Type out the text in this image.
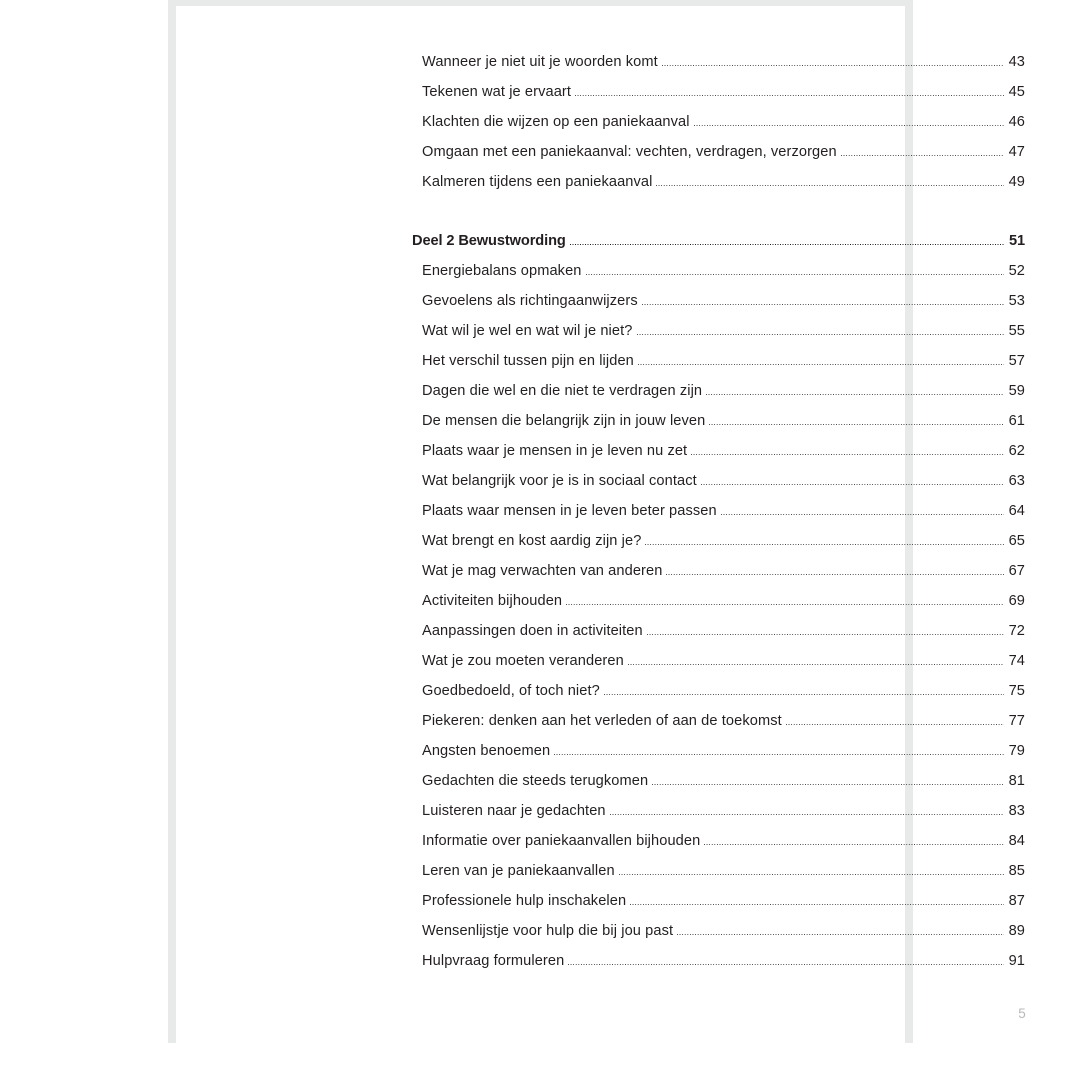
Wanneer je niet uit je woorden komt	43
Tekenen wat je ervaart	45
Klachten die wijzen op een paniekaanval	46
Omgaan met een paniekaanval: vechten, verdragen, verzorgen	47
Kalmeren tijdens een paniekaanval	49
Deel 2 Bewustwording	51
Energiebalans opmaken	52
Gevoelens als richtingaanwijzers	53
Wat wil je wel en wat wil je niet?	55
Het verschil tussen pijn en lijden	57
Dagen die wel en die niet te verdragen zijn	59
De mensen die belangrijk zijn in jouw leven	61
Plaats waar je mensen in je leven nu zet	62
Wat belangrijk voor je is in sociaal contact	63
Plaats waar mensen in je leven beter passen	64
Wat brengt en kost aardig zijn je?	65
Wat je mag verwachten van anderen	67
Activiteiten bijhouden	69
Aanpassingen doen in activiteiten	72
Wat je zou moeten veranderen	74
Goedbedoeld, of toch niet?	75
Piekeren: denken aan het verleden of aan de toekomst	77
Angsten benoemen	79
Gedachten die steeds terugkomen	81
Luisteren naar je gedachten	83
Informatie over paniekaanvallen bijhouden	84
Leren van je paniekaanvallen	85
Professionele hulp inschakelen	87
Wensenlijstje voor hulp die bij jou past	89
Hulpvraag formuleren	91
5
